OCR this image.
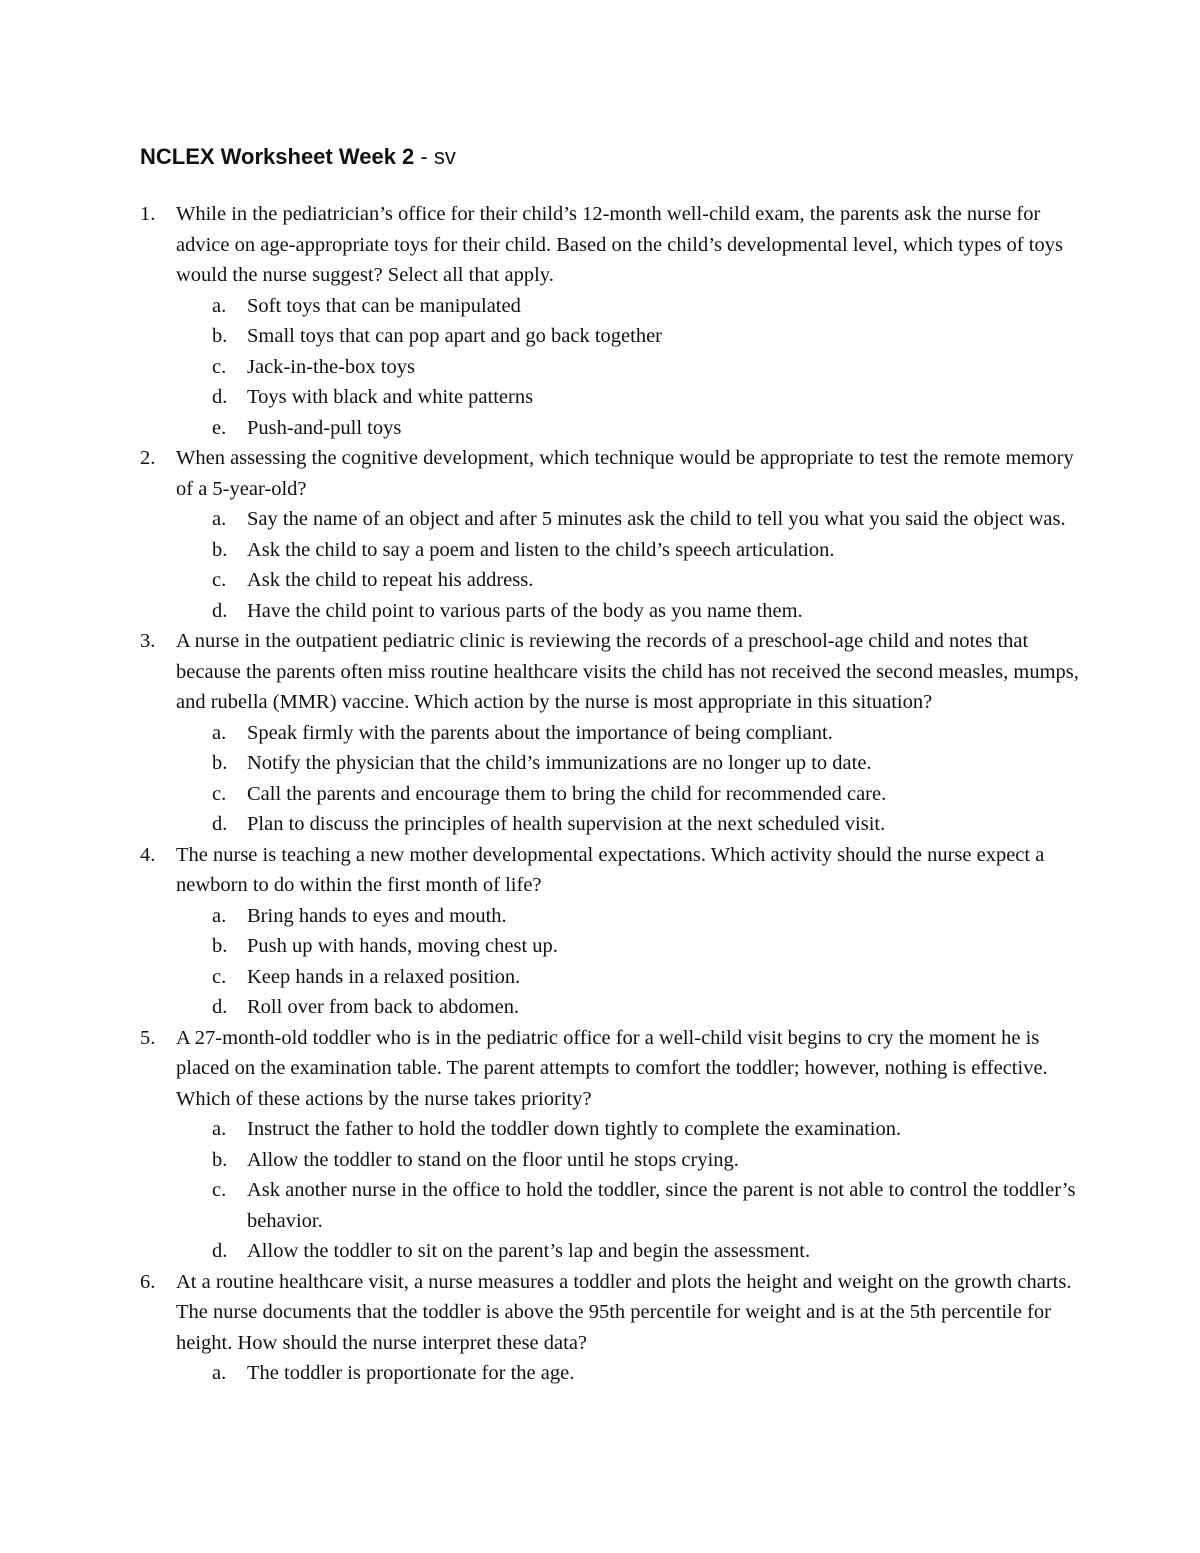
NCLEX Worksheet Week 2 - sv
1.	While in the pediatrician’s office for their child’s 12-month well-child exam, the parents ask the nurse for advice on age-appropriate toys for their child. Based on the child’s developmental level, which types of toys would the nurse suggest? Select all that apply.
a.	Soft toys that can be manipulated
b. Small toys that can pop apart and go back together
c.	Jack-in-the-box toys
d. Toys with black and white patterns
e.	Push-and-pull toys
2.	When assessing the cognitive development, which technique would be appropriate to test the remote memory of a 5-year-old?
a.	Say the name of an object and after 5 minutes ask the child to tell you what you said the object was.
b. Ask the child to say a poem and listen to the child’s speech articulation.
c.	Ask the child to repeat his address.
d. Have the child point to various parts of the body as you name them.
3.	A nurse in the outpatient pediatric clinic is reviewing the records of a preschool-age child and notes that because the parents often miss routine healthcare visits the child has not received the second measles, mumps, and rubella (MMR) vaccine. Which action by the nurse is most appropriate in this situation?
a.	Speak firmly with the parents about the importance of being compliant.
b. Notify the physician that the child’s immunizations are no longer up to date.
c.	Call the parents and encourage them to bring the child for recommended care.
d. Plan to discuss the principles of health supervision at the next scheduled visit.
4.	The nurse is teaching a new mother developmental expectations. Which activity should the nurse expect a newborn to do within the first month of life?
a.	Bring hands to eyes and mouth.
b. Push up with hands, moving chest up.
c.	Keep hands in a relaxed position.
d. Roll over from back to abdomen.
5.	A 27-month-old toddler who is in the pediatric office for a well-child visit begins to cry the moment he is placed on the examination table. The parent attempts to comfort the toddler; however, nothing is effective. Which of these actions by the nurse takes priority?
a.	Instruct the father to hold the toddler down tightly to complete the examination.
b. Allow the toddler to stand on the floor until he stops crying.
c.	Ask another nurse in the office to hold the toddler, since the parent is not able to control the toddler’s behavior.
d. Allow the toddler to sit on the parent’s lap and begin the assessment.
6.	At a routine healthcare visit, a nurse measures a toddler and plots the height and weight on the growth charts. The nurse documents that the toddler is above the 95th percentile for weight and is at the 5th percentile for height. How should the nurse interpret these data?
a.	The toddler is proportionate for the age.
